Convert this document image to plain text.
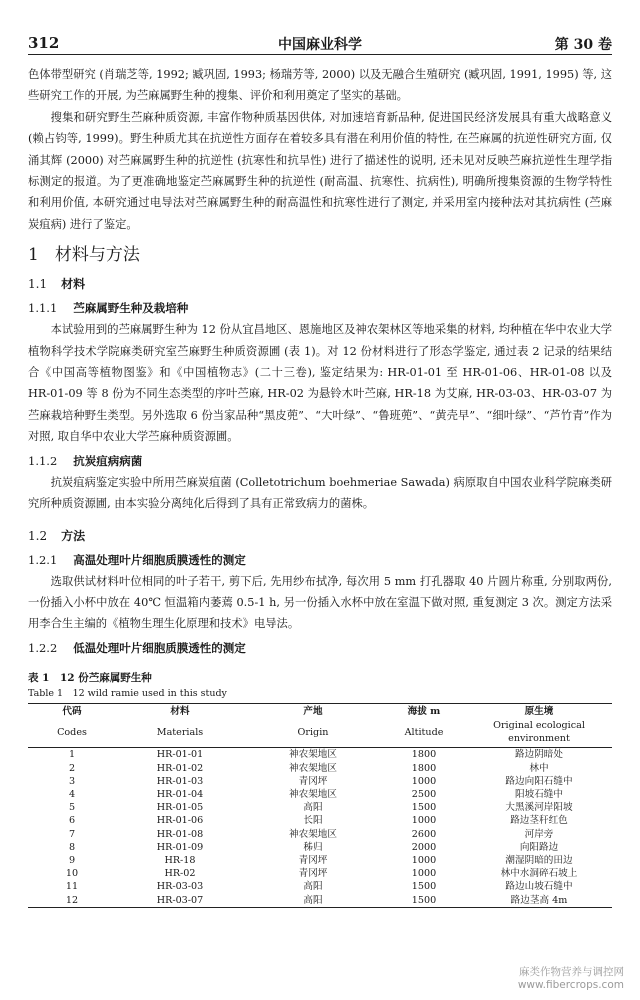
312	中国麻业科学	第 30 卷

色体带型研究 (肖瑞芝等, 1992; 臧巩固, 1993; 杨瑞芳等, 2000) 以及无融合生殖研究 (臧巩固, 1991, 1995) 等, 这些研究工作的开展, 为苎麻属野生种的搜集、评价和利用奠定了坚实的基础。

搜集和研究野生苎麻种质资源, 丰富作物种质基因供体, 对加速培育新品种, 促进国民经济发展具有重大战略意义 (赖占钧等, 1999)。野生种质尤其在抗逆性方面存在着较多具有潜在利用价值的特性, 在苎麻属的抗逆性研究方面, 仅涌其辉 (2000) 对苎麻属野生种的抗逆性 (抗寒性和抗旱性) 进行了描述性的说明, 还未见对反映苎麻抗逆性生理学指标测定的报道。为了更准确地鉴定苎麻属野生种的抗逆性 (耐高温、抗寒性、抗病性), 明确所搜集资源的生物学特性和利用价值, 本研究通过电导法对苎麻属野生种的耐高温性和抗寒性进行了测定, 并采用室内接种法对其抗病性 (苎麻炭疽病) 进行了鉴定。

1 材料与方法
1.1 材料
1.1.1 苎麻属野生种及栽培种

本试验用到的苎麻属野生种为 12 份从宜昌地区、恩施地区及神农架林区等地采集的材料, 均种植在华中农业大学植物科学技术学院麻类研究室苎麻野生种质资源圃 (表 1)。对 12 份材料进行了形态学鉴定, 通过表 2 记录的结果结合《中国高等植物图鉴》和《中国植物志》(二十三卷), 鉴定结果为: HR-01-01 至 HR-01-06、HR-01-08 以及 HR-01-09 等 8 份为不同生态类型的序叶苎麻, HR-02 为悬铃木叶苎麻, HR-18 为艾麻, HR-03-03、HR-03-07 为苎麻栽培种野生类型。另外选取 6 份当家品种“黑皮蔸”、“大叶绿”、“鲁班蔸”、“黄壳早”、“细叶绿”、“芦竹青”作为对照, 取自华中农业大学苎麻种质资源圃。

1.1.2 抗炭疽病病菌

抗炭疽病鉴定实验中所用苎麻炭疽菌 (Colletotrichum boehmeriae Sawada) 病原取自中国农业科学院麻类研究所种质资源圃, 由本实验分离纯化后得到了具有正常致病力的菌株。

1.2 方法
1.2.1 高温处理叶片细胞质膜透性的测定

选取供试材料叶位相同的叶子若干, 剪下后, 先用纱布拭净, 每次用 5 mm 打孔器取 40 片圆片称重, 分别取两份, 一份插入小杯中放在 40℃ 恒温箱内萎蔫 0.5-1 h, 另一份插入水杯中放在室温下做对照, 重复测定 3 次。测定方法采用李合生主编的《植物生理生化原理和技术》电导法。

1.2.2 低温处理叶片细胞质膜透性的测定
表 1　12 份苎麻属野生种
Table 1　12 wild ramie used in this study
代码	材料	产地	海拔 m	原生境
Codes	Materials	Origin	Altitude	Original ecological environment
1	HR-01-01	神农架地区	1800	路边阴暗处
2	HR-01-02	神农架地区	1800	林中
3	HR-01-03	青冈坪	1000	路边向阳石缝中
4	HR-01-04	神农架地区	2500	阳坡石缝中
5	HR-01-05	高阳	1500	大黑溪河岸阳坡
6	HR-01-06	长阳	1000	路边茎秆红色
7	HR-01-08	神农架地区	2600	河岸旁
8	HR-01-09	秭归	2000	向阳路边
9	HR-18	青冈坪	1000	潮湿阴暗的田边
10	HR-02	青冈坪	1000	林中水洞碎石坡上
11	HR-03-03	高阳	1500	路边山坡石缝中
12	HR-03-07	高阳	1500	路边茎高 4m
麻类作物营养与调控网
www.fibercrops.com
